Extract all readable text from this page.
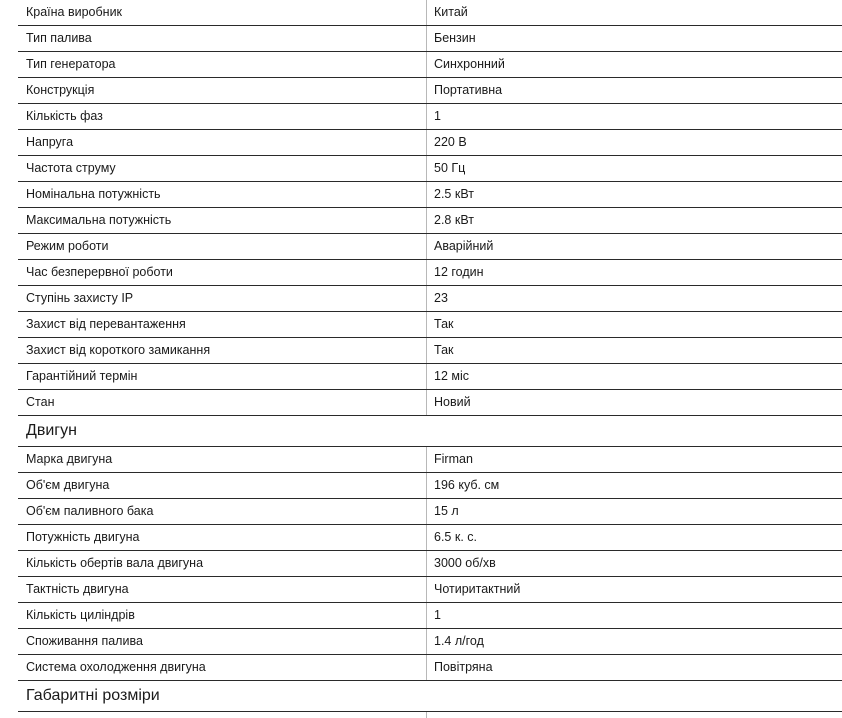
Країна виробник	Китай
Тип палива	Бензин
Тип генератора	Синхронний
Конструкція	Портативна
Кількість фаз	1
Напруга	220 В
Частота струму	50 Гц
Номінальна потужність	2.5 кВт
Максимальна потужність	2.8 кВт
Режим роботи	Аварійний
Час безперервної роботи	12 годин
Ступінь захисту IP	23
Захист від перевантаження	Так
Захист від короткого замикання	Так
Гарантійний термін	12 міс
Стан	Новий
Двигун
Марка двигуна	Firman
Об'єм двигуна	196 куб. см
Об'єм паливного бака	15 л
Потужність двигуна	6.5 к. с.
Кількість обертів вала двигуна	3000 об/хв
Тактність двигуна	Чотиритактний
Кількість циліндрів	1
Споживання палива	1.4 л/год
Система охолодження двигуна	Повітряна
Габаритні розміри
